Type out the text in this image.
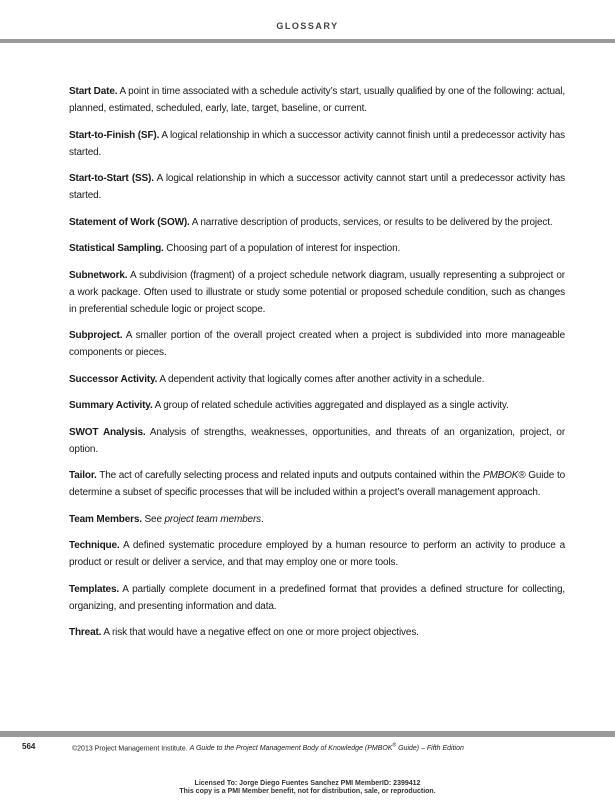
GLOSSARY

Start Date. A point in time associated with a schedule activity’s start, usually qualified by one of the following: actual, planned, estimated, scheduled, early, late, target, baseline, or current.

Start-to-Finish (SF). A logical relationship in which a successor activity cannot finish until a predecessor activity has started.

Start-to-Start (SS). A logical relationship in which a successor activity cannot start until a predecessor activity has started.

Statement of Work (SOW). A narrative description of products, services, or results to be delivered by the project.

Statistical Sampling. Choosing part of a population of interest for inspection.

Subnetwork. A subdivision (fragment) of a project schedule network diagram, usually representing a subproject or a work package. Often used to illustrate or study some potential or proposed schedule condition, such as changes in preferential schedule logic or project scope.

Subproject. A smaller portion of the overall project created when a project is subdivided into more manageable components or pieces.

Successor Activity. A dependent activity that logically comes after another activity in a schedule.

Summary Activity. A group of related schedule activities aggregated and displayed as a single activity.

SWOT Analysis. Analysis of strengths, weaknesses, opportunities, and threats of an organization, project, or option.

Tailor. The act of carefully selecting process and related inputs and outputs contained within the PMBOK® Guide to determine a subset of specific processes that will be included within a project’s overall management approach.

Team Members. See project team members.

Technique. A defined systematic procedure employed by a human resource to perform an activity to produce a product or result or deliver a service, and that may employ one or more tools.

Templates. A partially complete document in a predefined format that provides a defined structure for collecting, organizing, and presenting information and data.

Threat. A risk that would have a negative effect on one or more project objectives.

564	©2013 Project Management Institute. A Guide to the Project Management Body of Knowledge (PMBOK® Guide) – Fifth Edition
Licensed To: Jorge Diego Fuentes Sanchez PMI MemberID: 2399412
This copy is a PMI Member benefit, not for distribution, sale, or reproduction.
